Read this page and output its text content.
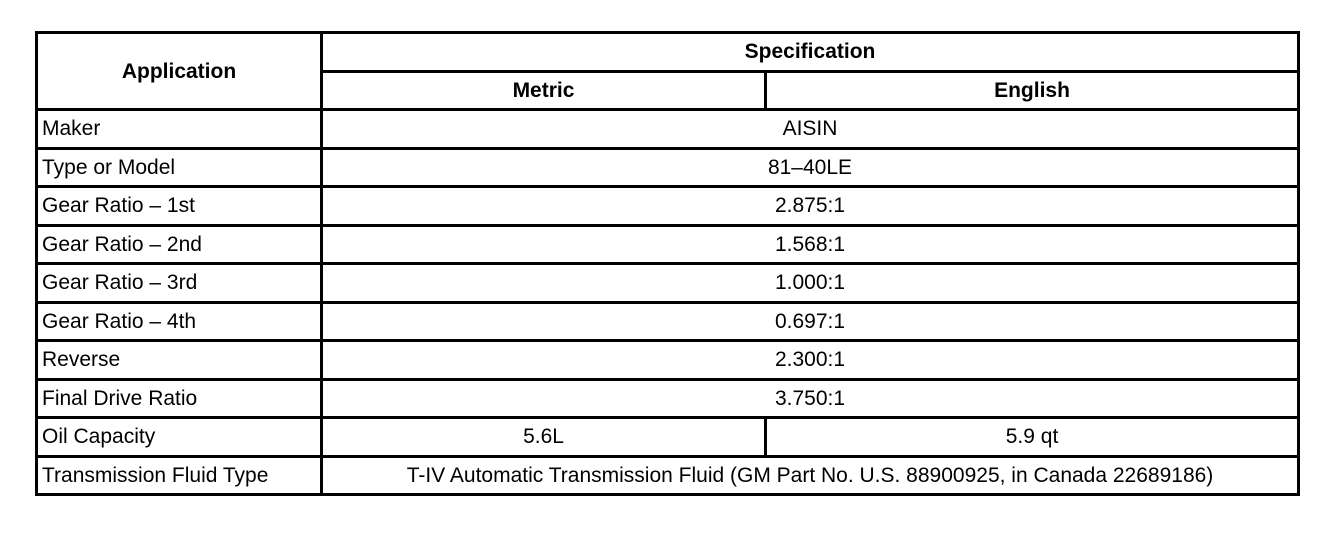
Application	Specification	
	Metric	English
Maker	AISIN	
Type or Model	81–40LE	
Gear Ratio – 1st	2.875:1	
Gear Ratio – 2nd	1.568:1	
Gear Ratio – 3rd	1.000:1	
Gear Ratio – 4th	0.697:1	
Reverse	2.300:1	
Final Drive Ratio	3.750:1	
Oil Capacity	5.6L	5.9 qt
Transmission Fluid Type	T-IV Automatic Transmission Fluid (GM Part No. U.S. 88900925, in Canada 22689186)	
